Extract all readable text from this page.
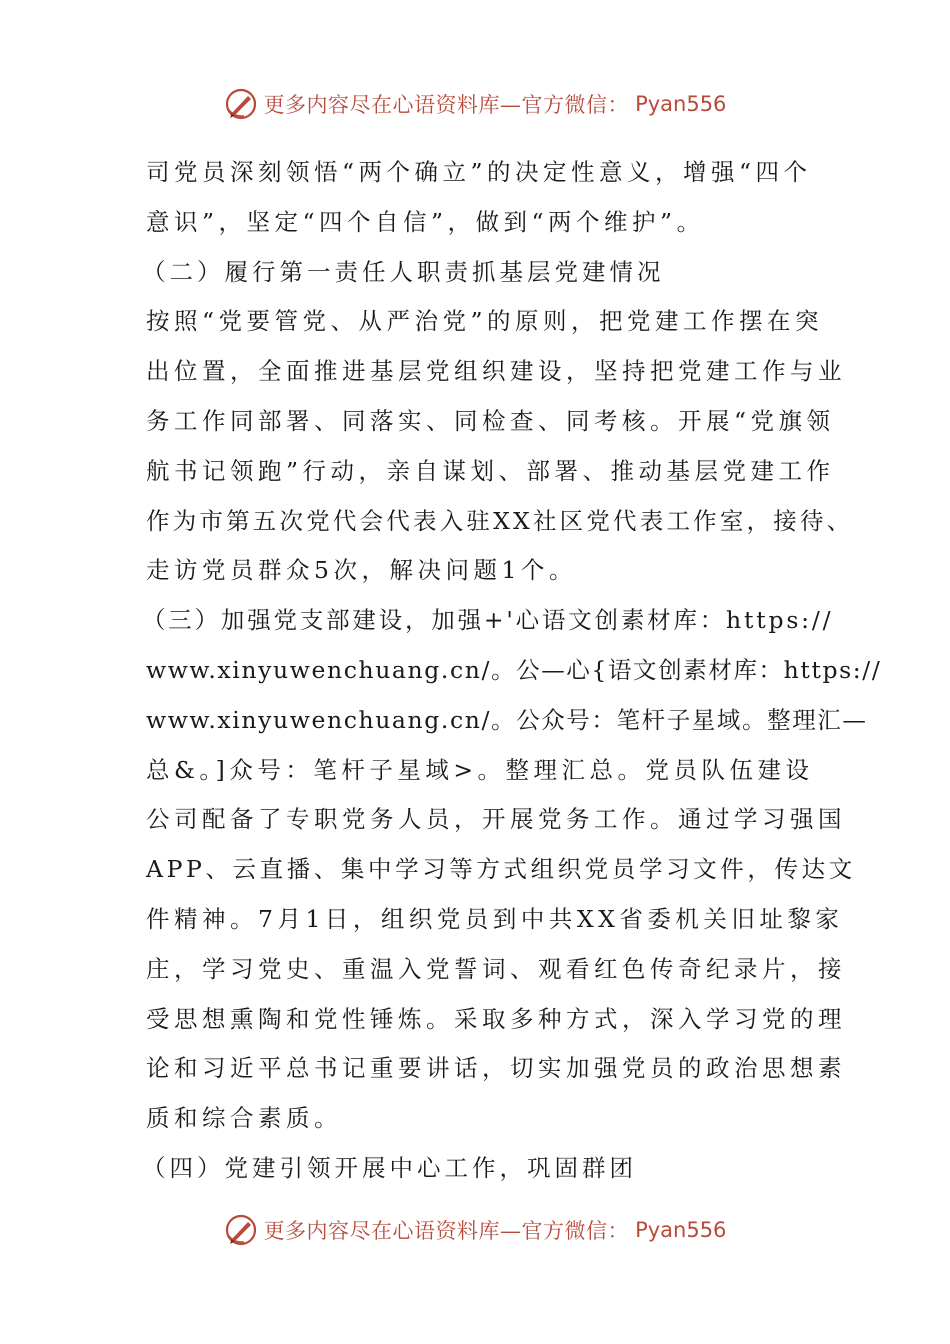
更多内容尽在心语资料库—官方微信： Pyan556
司党员深刻领悟“两个确立”的决定性意义，增强“四个
意识”，坚定“四个自信”，做到“两个维护”。
（二）履行第一责任人职责抓基层党建情况
按照“党要管党、从严治党”的原则，把党建工作摆在突
出位置，全面推进基层党组织建设，坚持把党建工作与业
务工作同部署、同落实、同检查、同考核。开展“党旗领
航书记领跑”行动，亲自谋划、部署、推动基层党建工作
作为市第五次党代会代表入驻XX社区党代表工作室，接待、
走访党员群众5次，解决问题1个。
（三）加强党支部建设，加强+'心语文创素材库：https://
www.xinyuwenchuang.cn/。公—心{语文创素材库：https://
www.xinyuwenchuang.cn/。公众号：笔杆子星域。整理汇—
总&。]众号：笔杆子星域>。整理汇总。党员队伍建设
公司配备了专职党务人员，开展党务工作。通过学习强国
APP、云直播、集中学习等方式组织党员学习文件，传达文
件精神。7月1日，组织党员到中共XX省委机关旧址黎家
庄，学习党史、重温入党誓词、观看红色传奇纪录片，接
受思想熏陶和党性锤炼。采取多种方式，深入学习党的理
论和习近平总书记重要讲话，切实加强党员的政治思想素
质和综合素质。
（四）党建引领开展中心工作，巩固群团
更多内容尽在心语资料库—官方微信： Pyan556
